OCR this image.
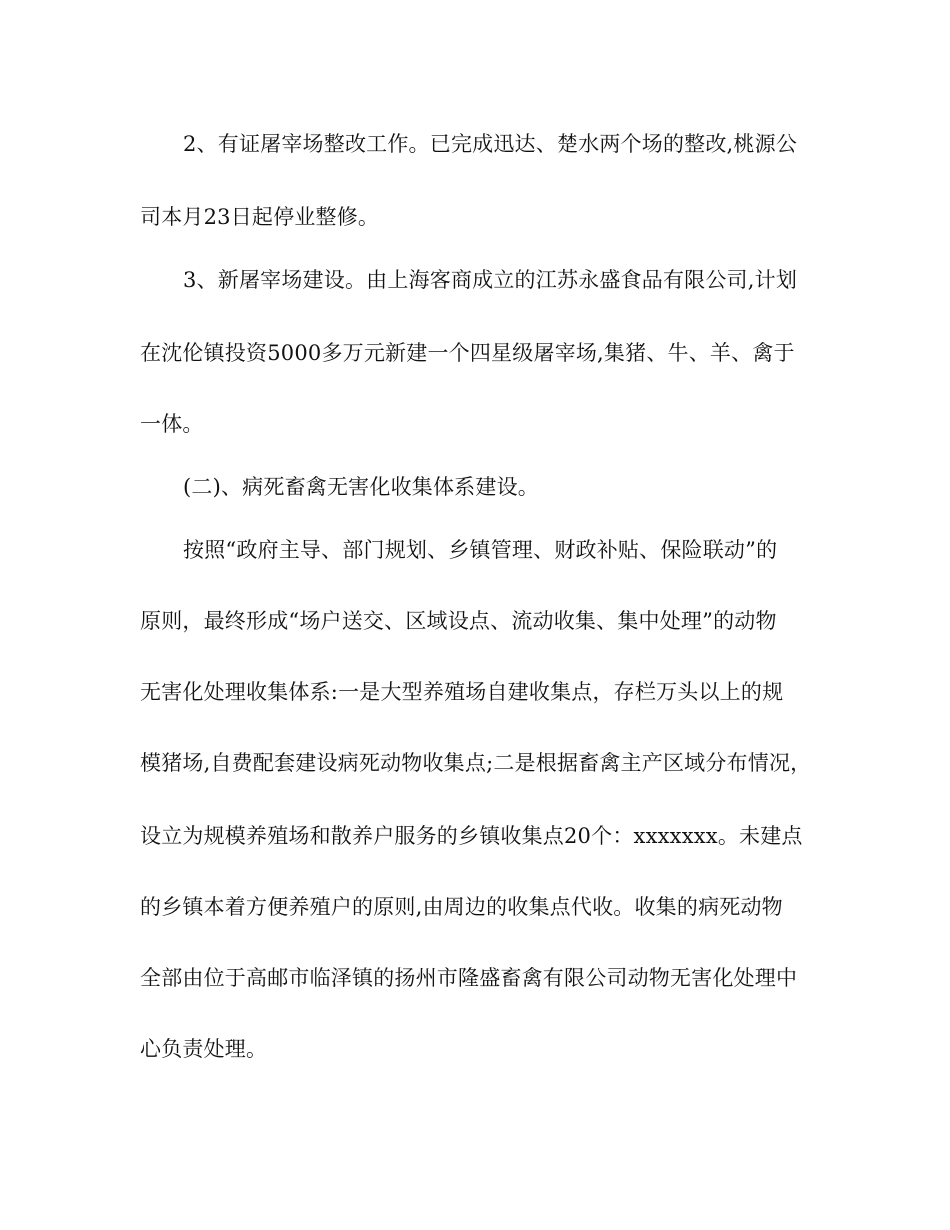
2、有证屠宰场整改工作。已完成迅达、楚水两个场的整改,桃源公
司本月23日起停业整修。
3、新屠宰场建设。由上海客商成立的江苏永盛食品有限公司,计划
在沈伦镇投资5000多万元新建一个四星级屠宰场,集猪、牛、羊、禽于
一体。
(二)、病死畜禽无害化收集体系建设。
按照“政府主导、部门规划、乡镇管理、财政补贴、保险联动”的
原则，最终形成“场户送交、区域设点、流动收集、集中处理”的动物
无害化处理收集体系:一是大型养殖场自建收集点，存栏万头以上的规
模猪场,自费配套建设病死动物收集点;二是根据畜禽主产区域分布情况，
设立为规模养殖场和散养户服务的乡镇收集点20个：xxxxxxx。未建点
的乡镇本着方便养殖户的原则,由周边的收集点代收。收集的病死动物
全部由位于高邮市临泽镇的扬州市隆盛畜禽有限公司动物无害化处理中
心负责处理。
